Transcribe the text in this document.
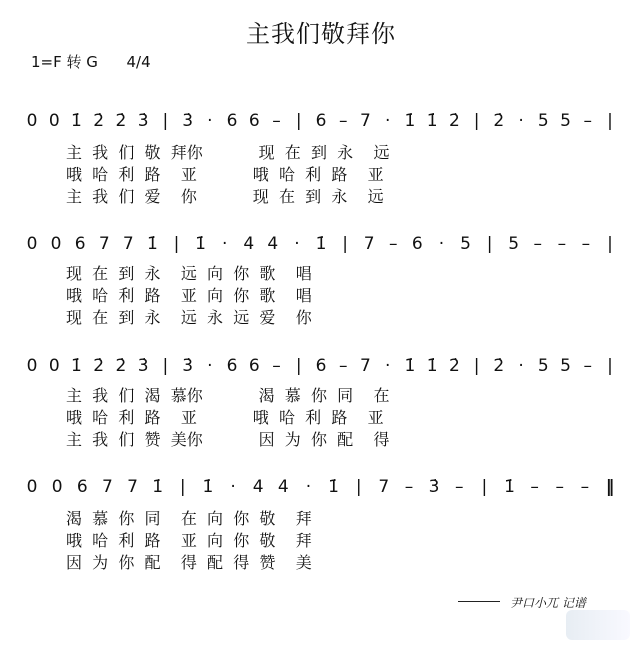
主我们敬拜你
1=F 转 G 4/4
0 0 1̇ 2̇ 2̇ 3̇ | 3̇ · 6 6 – | 6 – 7 · 1̇ 1̇ 2̇ | 2̇ · 5 5 – |
主  我  们  敬  拜你           现  在  到  永    远
哦  哈  利  路    亚           哦  哈  利  路    亚
主  我  们  爱    你           现  在  到  永    远
0 0 6 7 7 1̇ | 1̇ · 4 4 · 1̇ | 7 – 6 · 5 | 5 – – – |
现  在  到  永    远  向  你  歌    唱
哦  哈  利  路    亚  向  你  歌    唱
现  在  到  永    远  永  远  爱    你
0 0 1̇ 2̇ 2̇ 3̇ | 3̇ · 6 6 – | 6 – 7 · 1̇ 1̇ 2̇ | 2̇ · 5 5 – |
主  我  们  渴  慕你           渴  慕  你  同    在
哦  哈  利  路    亚           哦  哈  利  路    亚
主  我  们  赞  美你           因  为  你  配    得
0 0 6 7 7 1̇ | 1̇ · 4 4 · 1̇ | 7 – 3̇ – | 1̇ – – – ‖
渴  慕  你  同    在  向  你  敬    拜
哦  哈  利  路    亚  向  你  敬    拜
因  为  你  配    得  配  得  赞    美
尹口小兀 记谱
